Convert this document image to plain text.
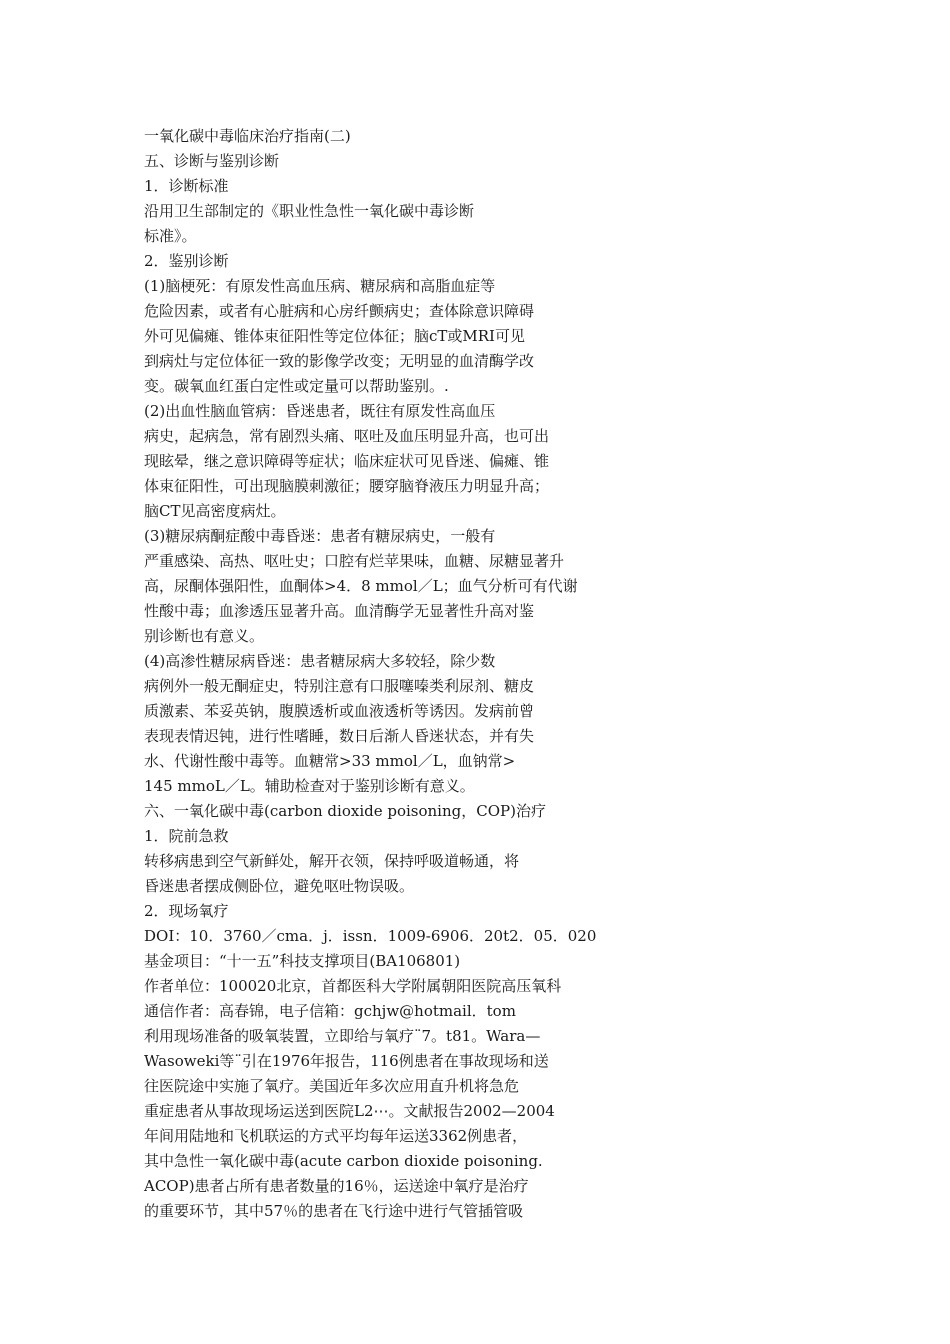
一氧化碳中毒临床治疗指南(二)
五、诊断与鉴别诊断
1．诊断标准
沿用卫生部制定的《职业性急性一氧化碳中毒诊断
标准》。
2．鉴别诊断
(1)脑梗死：有原发性高血压病、糖尿病和高脂血症等
危险因素，或者有心脏病和心房纤颤病史；查体除意识障碍
外可见偏瘫、锥体束征阳性等定位体征；脑cT或MRI可见
到病灶与定位体征一致的影像学改变；无明显的血清酶学改
变。碳氧血红蛋白定性或定量可以帮助鉴别。.
(2)出血性脑血管病：昏迷患者，既往有原发性高血压
病史，起病急，常有剧烈头痛、呕吐及血压明显升高，也可出
现眩晕，继之意识障碍等症状；临床症状可见昏迷、偏瘫、锥
体束征阳性，可出现脑膜刺激征；腰穿脑脊液压力明显升高；
脑CT见高密度病灶。
(3)糖尿病酮症酸中毒昏迷：患者有糖尿病史，一般有
严重感染、高热、呕吐史；口腔有烂苹果味，血糖、尿糖显著升
高，尿酮体强阳性，血酮体>4．8 mmol／L；血气分析可有代谢
性酸中毒；血渗透压显著升高。血清酶学无显著性升高对鉴
别诊断也有意义。
(4)高渗性糖尿病昏迷：患者糖尿病大多较轻，除少数
病例外一般无酮症史，特别注意有口服噻嗪类利尿剂、糖皮
质激素、苯妥英钠，腹膜透析或血液透析等诱因。发病前曾
表现表情迟钝，进行性嗜睡，数日后渐人昏迷状态，并有失
水、代谢性酸中毒等。血糖常>33 mmol／L，血钠常>
145 mmoL／L。辅助检查对于鉴别诊断有意义。
六、一氧化碳中毒(carbon dioxide poisoning，COP)治疗
1．院前急救
转移病患到空气新鲜处，解开衣领，保持呼吸道畅通，将
昏迷患者摆成侧卧位，避免呕吐物误吸。
2．现场氧疗
DOI：10．3760／cma．j．issn．1009-6906．20t2．05．020
基金项目：“十一五”科技支撑项目(BA106801)
作者单位：100020北京，首都医科大学附属朝阳医院高压氧科
通信作者：高春锦，电子信箱：gchjw@hotmail．tom
利用现场准备的吸氧装置，立即给与氧疗¨7。t81。Wara—
Wasoweki等¨引在1976年报告，116例患者在事故现场和送
往医院途中实施了氧疗。美国近年多次应用直升机将急危
重症患者从事故现场运送到医院L2⋯。文献报告2002—2004
年间用陆地和飞机联运的方式平均每年运送3362例患者，
其中急性一氧化碳中毒(acute carbon dioxide poisoning.
ACOP)患者占所有患者数量的16％，运送途中氧疗是治疗
的重要环节，其中57％的患者在飞行途中进行气管插管吸
